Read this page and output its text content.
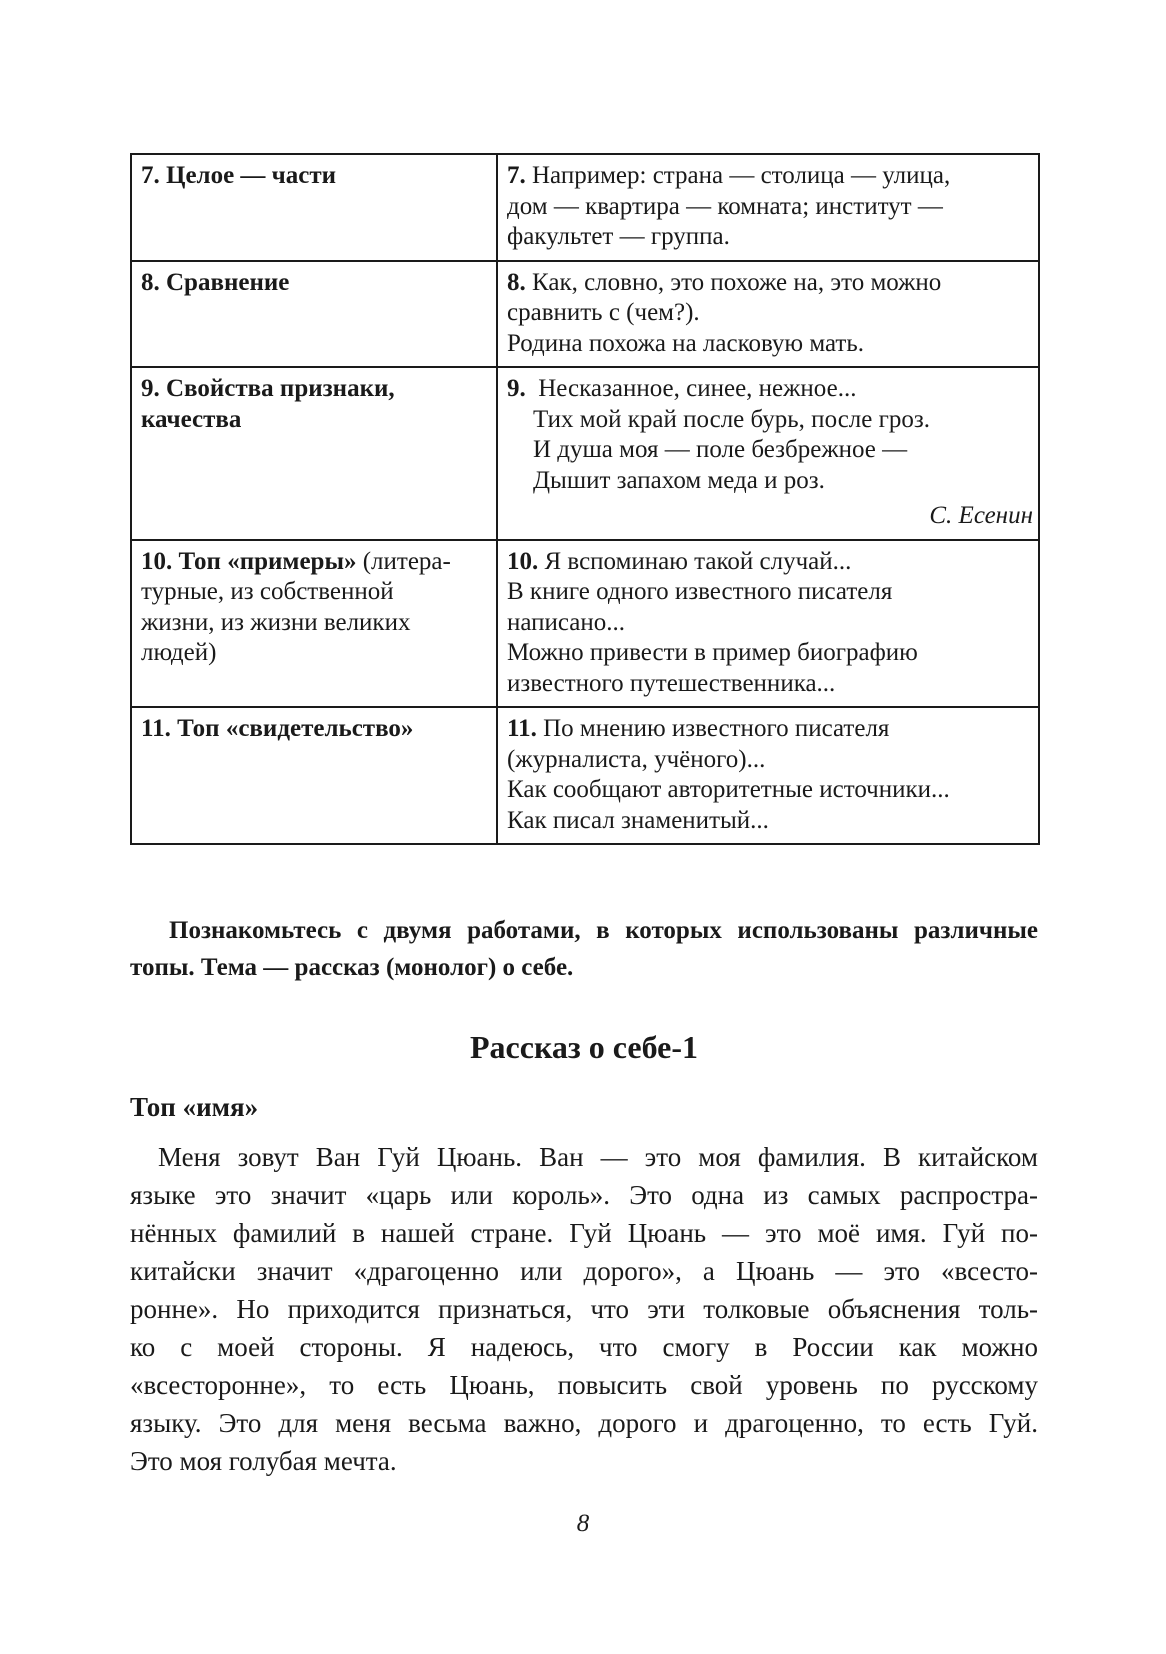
7. Целое — части	7. Например: страна — столица — улица,
дом — квартира — комната; институт —
факультет — группа.

8. Сравнение	8. Как, словно, это похоже на, это можно
сравнить с (чем?).
Родина похожа на ласковую мать.

9. Свойства признаки,
качества	9. Несказанное, синее, нежное...
Тих мой край после бурь, после гроз.
И душа моя — поле безбрежное —
Дышит запахом меда и роз.
С. Есенин

10. Топ «примеры» (литера-
турные, из собственной
жизни, из жизни великих
людей)	10. Я вспоминаю такой случай...
В книге одного известного писателя
написано...
Можно привести в пример биографию
известного путешественника...

11. Топ «свидетельство»	11. По мнению известного писателя
(журналиста, учёного)...
Как сообщают авторитетные источники...
Как писал знаменитый...
Познакомьтесь с двумя работами, в которых использованы различные топы. Тема — рассказ (монолог) о себе.
Рассказ о себе-1
Топ «имя»
Меня зовут Ван Гуй Цюань. Ван — это моя фамилия. В китайском
языке это значит «царь или король». Это одна из самых распростра-
нённых фамилий в нашей стране. Гуй Цюань — это моё имя. Гуй по-
китайски значит «драгоценно или дорого», а Цюань — это «всесто-
ронне». Но приходится признаться, что эти толковые объяснения толь-
ко с моей стороны. Я надеюсь, что смогу в России как можно
«всесторонне», то есть Цюань, повысить свой уровень по русскому
языку. Это для меня весьма важно, дорого и драгоценно, то есть Гуй.
Это моя голубая мечта.
8
